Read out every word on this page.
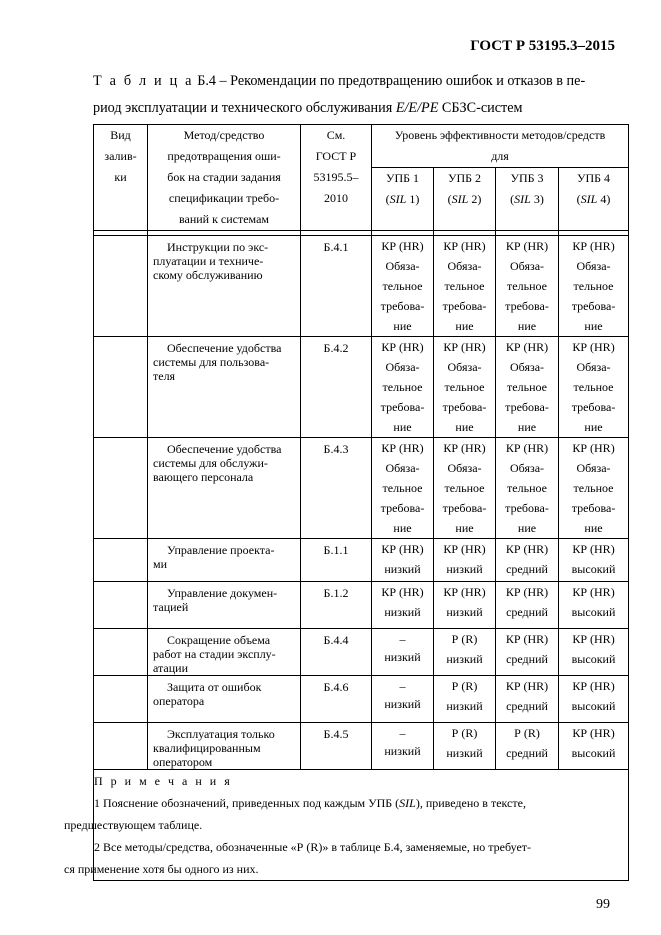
ГОСТ Р 53195.3–2015
Т а б л и ц а Б.4 – Рекомендации по предотвращению ошибок и отказов в пе-
риод эксплуатации и технического обслуживания E/E/PE СБЗС-систем
Вид
залив-
ки	Метод/средство
предотвращения оши-
бок на стадии задания
спецификации требо-
ваний к системам	См.
ГОСТ Р
53195.5–
2010	Уровень эффективности методов/средств
для			

			УПБ 1
(SIL 1)	УПБ 2
(SIL 2)	УПБ 3
(SIL 3)	УПБ 4
(SIL 4)

	Инструкции по экс-
плуатации и техниче-
скому обслуживанию	Б.4.1	КР (HR)
Обяза-
тельное
требова-
ние	КР (HR)
Обяза-
тельное
требова-
ние	КР (HR)
Обяза-
тельное
требова-
ние	КР (HR)
Обяза-
тельное
требова-
ние

	Обеспечение удобства
системы для пользова-
теля	Б.4.2	КР (HR)
Обяза-
тельное
требова-
ние	КР (HR)
Обяза-
тельное
требова-
ние	КР (HR)
Обяза-
тельное
требова-
ние	КР (HR)
Обяза-
тельное
требова-
ние

	Обеспечение удобства
системы для обслужи-
вающего персонала	Б.4.3	КР (HR)
Обяза-
тельное
требова-
ние	КР (HR)
Обяза-
тельное
требова-
ние	КР (HR)
Обяза-
тельное
требова-
ние	КР (HR)
Обяза-
тельное
требова-
ние

	Управление проекта-
ми	Б.1.1	КР (HR)
низкий	КР (HR)
низкий	КР (HR)
средний	КР (HR)
высокий

	Управление докумен-
тацией	Б.1.2	КР (HR)
низкий	КР (HR)
низкий	КР (HR)
средний	КР (HR)
высокий

	Сокращение объема
работ на стадии эксплу-
атации	Б.4.4	–
низкий	Р (R)
низкий	КР (HR)
средний	КР (HR)
высокий

	Защита от ошибок
оператора	Б.4.6	–
низкий	Р (R)
низкий	КР (HR)
средний	КР (HR)
высокий

	Эксплуатация только
квалифицированным
оператором	Б.4.5	–
низкий	Р (R)
низкий	Р (R)
средний	КР (HR)
высокий

П р и м е ч а н и я
1 Пояснение обозначений, приведенных под каждым УПБ (SIL), приведено в тексте,
предшествующем таблице.
2 Все методы/средства, обозначенные «Р (R)» в таблице Б.4, заменяемые, но требует-
ся применение хотя бы одного из них.						
99
